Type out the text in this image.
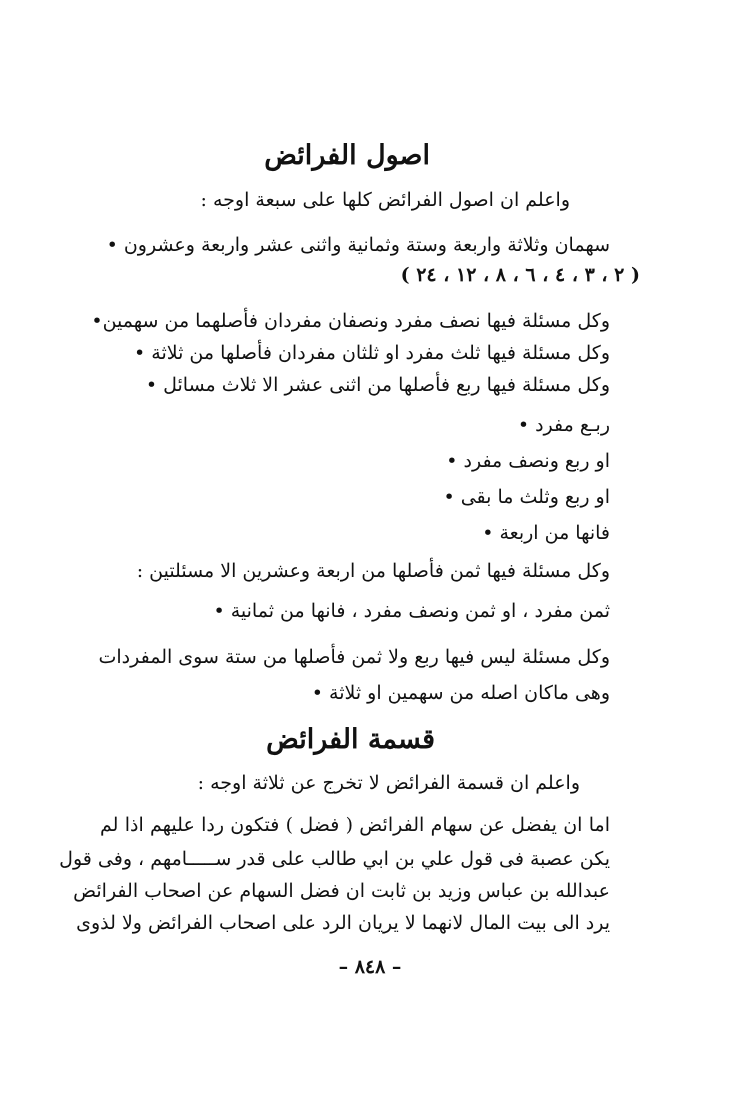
اصول الفرائض
واعلم ان اصول الفرائض كلها على سبعة اوجه :
سهمان وثلاثة واربعة وستة وثمانية واثنى عشر واربعة وعشرون •
( ٢ ، ٣ ، ٤ ، ٦ ، ٨ ، ١٢ ، ٢٤ )
وكل مسئلة فيها نصف مفرد ونصفان مفردان فأصلهما من سهمين•
وكل مسئلة فيها ثلث مفرد او ثلثان مفردان فأصلها من ثلاثة •
وكل مسئلة فيها ربع فأصلها من اثنى عشر الا ثلاث مسائل •
ربـع مفرد •
او ربع ونصف مفرد •
او ربع وثلث ما بقى •
فانها من اربعة •
وكل مسئلة فيها ثمن فأصلها من اربعة وعشرين الا مسئلتين :
ثمن مفرد ، او ثمن ونصف مفرد ، فانها من ثمانية •
وكل مسئلة ليس فيها ربع ولا ثمن فأصلها من ستة سوى المفردات
وهى ماكان اصله من سهمين او ثلاثة •
قسمة الفرائض
واعلم ان قسمة الفرائض لا تخرج عن ثلاثة اوجه :
اما ان يفضل عن سهام الفرائض ( فضل ) فتكون ردا عليهم اذا لم
يكن عصبة فى قول علي بن ابي طالب على قدر ســـــامهم ، وفى قول
عبدالله بن عباس وزيد بن ثابت ان فضل السهام عن اصحاب الفرائض
يرد الى بيت المال لانهما لا يريان الرد على اصحاب الفرائض ولا لذوى
– ٨٤٨ –
